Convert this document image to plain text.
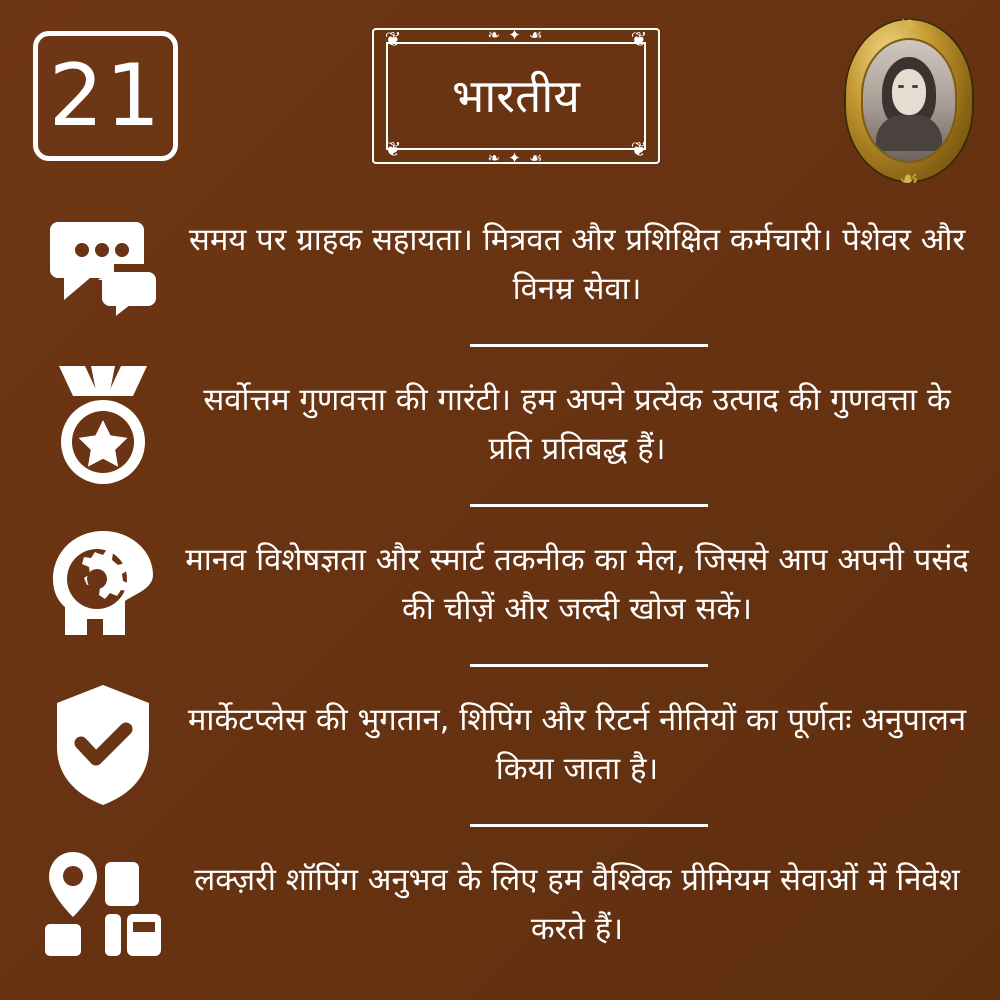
21
❧ ✦ ☙
❧ ✦ ☙
❦	❦
❦	❦
भारतीय
❧
☙
समय पर ग्राहक सहायता। मित्रवत और प्रशिक्षित कर्मचारी। पेशेवर और विनम्र सेवा।
सर्वोत्तम गुणवत्ता की गारंटी। हम अपने प्रत्येक उत्पाद की गुणवत्ता के प्रति प्रतिबद्ध हैं।
मानव विशेषज्ञता और स्मार्ट तकनीक का मेल, जिससे आप अपनी पसंद की चीज़ें और जल्दी खोज सकें।
मार्केटप्लेस की भुगतान, शिपिंग और रिटर्न नीतियों का पूर्णतः अनुपालन किया जाता है।
लक्ज़री शॉपिंग अनुभव के लिए हम वैश्विक प्रीमियम सेवाओं में निवेश करते हैं।
